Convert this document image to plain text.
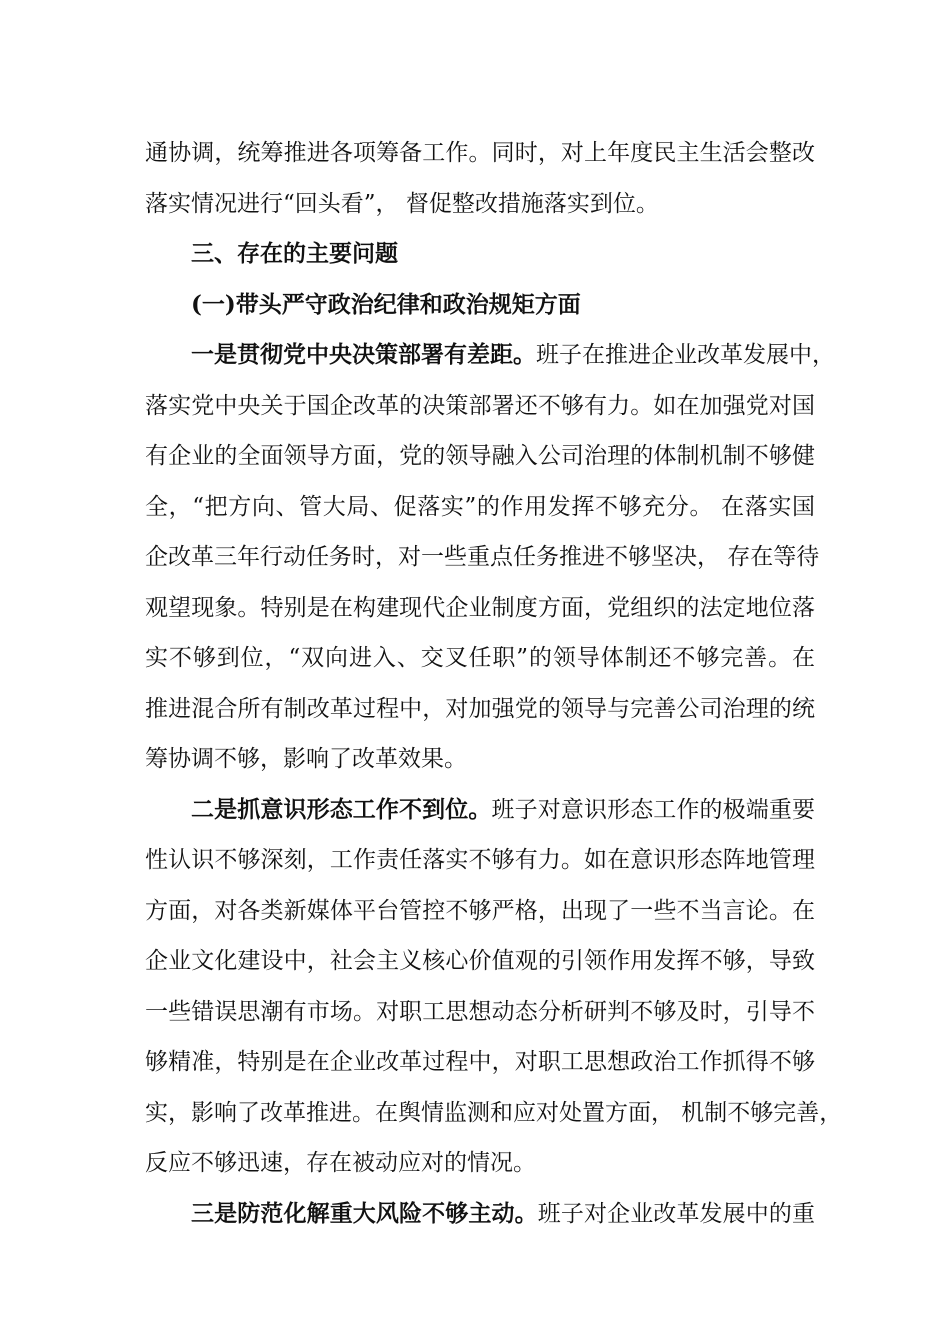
通协调，统筹推进各项筹备工作。同时，对上年度民主生活会整改
落实情况进行“回头看”， 督促整改措施落实到位。
三、存在的主要问题
(一)带头严守政治纪律和政治规矩方面
一是贯彻党中央决策部署有差距。班子在推进企业改革发展中，
落实党中央关于国企改革的决策部署还不够有力。如在加强党对国
有企业的全面领导方面，党的领导融入公司治理的体制机制不够健
全，“把方向、管大局、促落实”的作用发挥不够充分。 在落实国
企改革三年行动任务时，对一些重点任务推进不够坚决， 存在等待
观望现象。特别是在构建现代企业制度方面，党组织的法定地位落
实不够到位，“双向进入、交叉任职”的领导体制还不够完善。在
推进混合所有制改革过程中，对加强党的领导与完善公司治理的统
筹协调不够，影响了改革效果。
二是抓意识形态工作不到位。班子对意识形态工作的极端重要
性认识不够深刻，工作责任落实不够有力。如在意识形态阵地管理
方面，对各类新媒体平台管控不够严格，出现了一些不当言论。在
企业文化建设中，社会主义核心价值观的引领作用发挥不够，导致
一些错误思潮有市场。对职工思想动态分析研判不够及时，引导不
够精准，特别是在企业改革过程中，对职工思想政治工作抓得不够
实，影响了改革推进。在舆情监测和应对处置方面， 机制不够完善，
反应不够迅速，存在被动应对的情况。
三是防范化解重大风险不够主动。班子对企业改革发展中的重
